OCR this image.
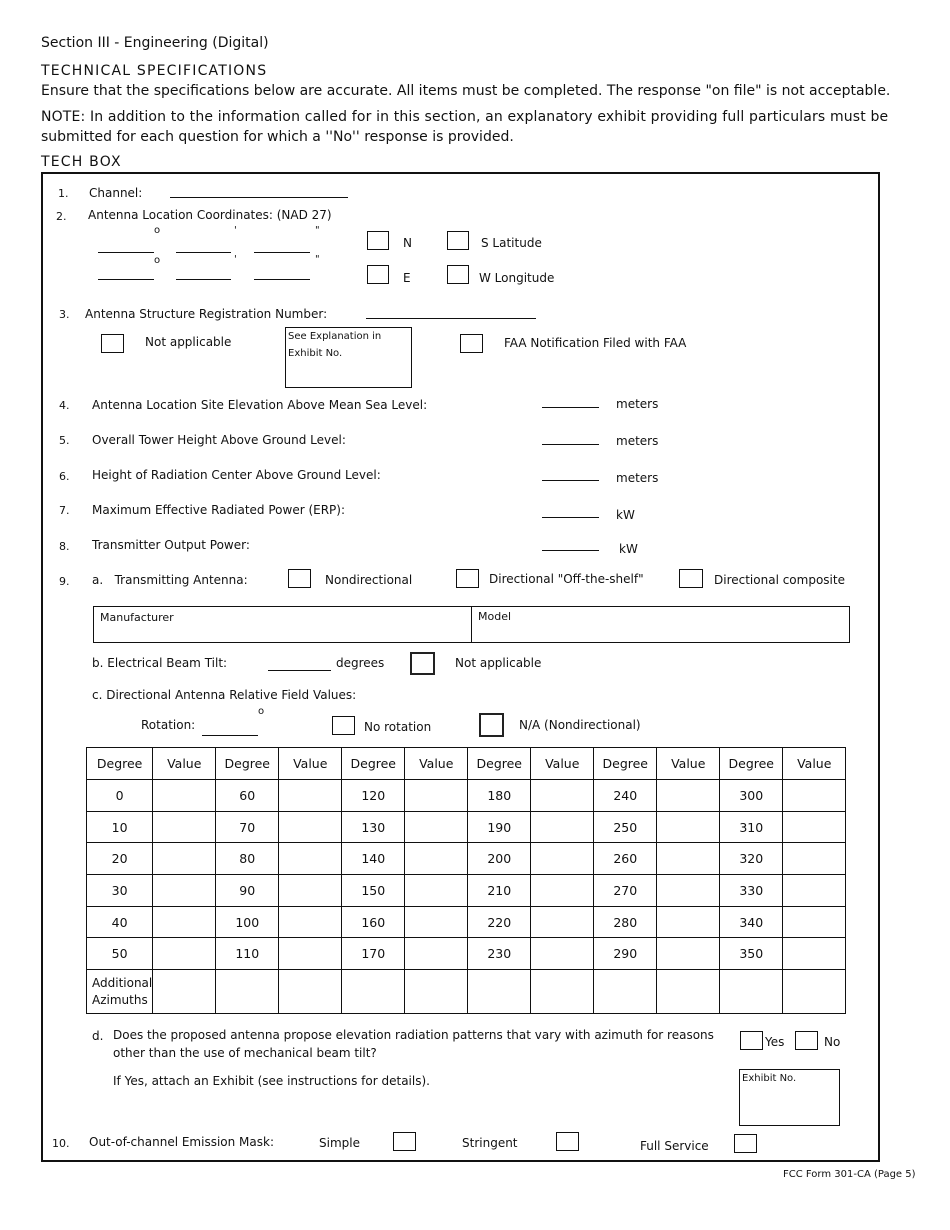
Section III - Engineering (Digital)
TECHNICAL SPECIFICATIONS
Ensure that the specifications below are accurate. All items must be completed. The response "on file" is not acceptable.
NOTE: In addition to the information called for in this section, an explanatory exhibit providing full particulars must be
submitted for each question for which a ''No'' response is provided.
TECH BOX
1. Channel:
2. Antenna Location Coordinates: (NAD 27)
o	'	"
o	'	"
N	S Latitude
E	W Longitude
3. Antenna Structure Registration Number:
Not applicable	See Explanation in
Exhibit No.
FAA Notification Filed with FAA
4. Antenna Location Site Elevation Above Mean Sea Level:	meters
5. Overall Tower Height Above Ground Level:	meters
6. Height of Radiation Center Above Ground Level:	meters
7. Maximum Effective Radiated Power (ERP):	kW
8. Transmitter Output Power:	kW
9. a.   Transmitting Antenna:	Nondirectional	Directional "Off-the-shelf"	Directional composite
Manufacturer	Model
b. Electrical Beam Tilt:	degrees	Not applicable
c. Directional Antenna Relative Field Values:
Rotation:
o
No rotation	N/A (Nondirectional)
Degree	Value	Degree	Value	Degree	Value	Degree	Value	Degree	Value	Degree	Value
0		60		120		180		240		300	
10		70		130		190		250		310	
20		80		140		200		260		320	
30		90		150		210		270		330	
40		100		160		220		280		340	
50		110		170		230		290		350	
Additional
Azimuths											
d. Does the proposed antenna propose elevation radiation patterns that vary with azimuth for reasons
other than the use of mechanical beam tilt?
If Yes, attach an Exhibit (see instructions for details).
Yes	No
Exhibit No.
10. Out-of-channel Emission Mask:	Simple	Stringent	Full Service
FCC Form 301-CA (Page 5)
